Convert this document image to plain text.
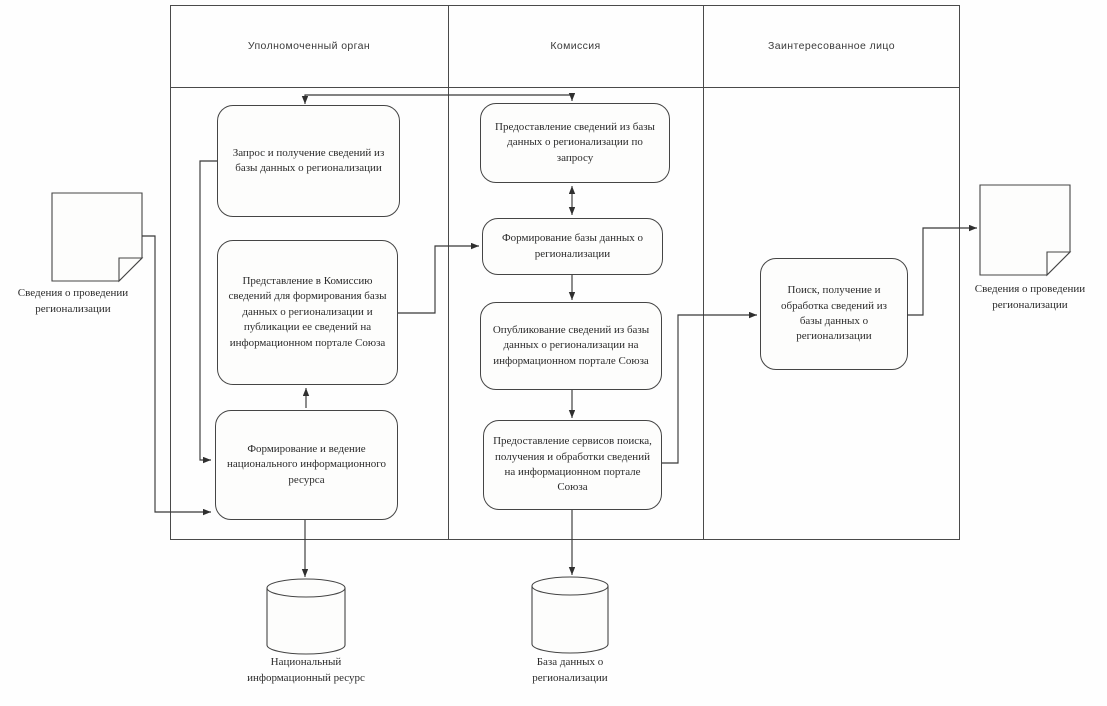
Уполномоченный орган	Комиссия	Заинтересованное лицо
Запрос и получение сведений из базы данных о регионализации
Представление в Комиссию сведений для формирования базы данных о регионализации и публикации ее сведений на информационном портале Союза
Формирование и ведение национального информационного ресурса
Предоставление сведений из базы данных о регионализации по запросу
Формирование базы данных о регионализации
Опубликование сведений из базы данных о регионализации на информационном портале Союза
Предоставление сервисов поиска, получения и обработки сведений на информационном портале Союза
Поиск, получение и обработка сведений из базы данных о регионализации
Сведения о проведении регионализации
Сведения о проведении регионализации
Национальный информационный ресурс
База данных о регионализации
